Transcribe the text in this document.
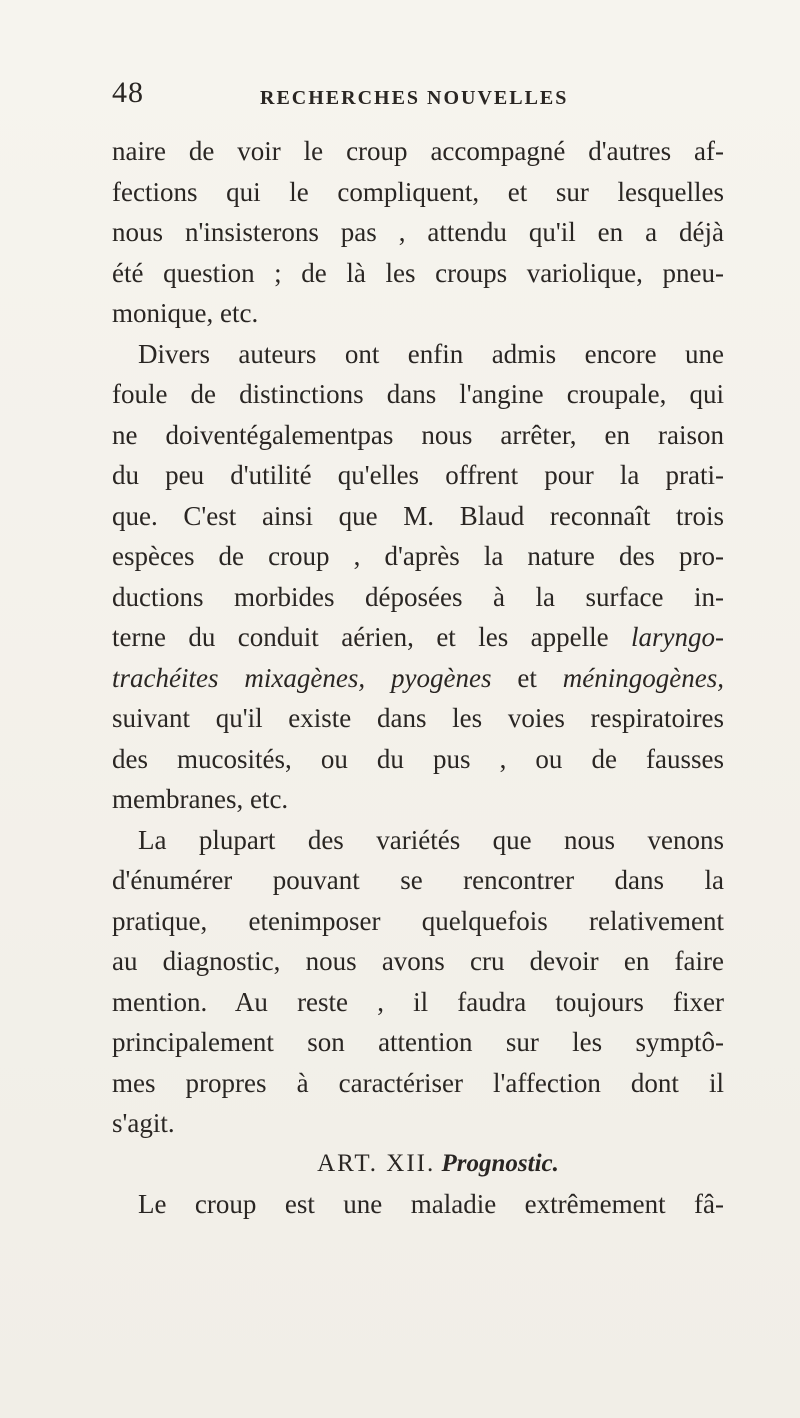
48	RECHERCHES NOUVELLES
naire de voir le croup accompagné d'autres af-
fections qui le compliquent, et sur lesquelles
nous n'insisterons pas , attendu qu'il en a déjà
été question ; de là les croups variolique, pneu-
monique, etc.
Divers auteurs ont enfin admis encore une
foule de distinctions dans l'angine croupale, qui
ne doiventégalementpas nous arrêter, en raison
du peu d'utilité qu'elles offrent pour la prati-
que. C'est ainsi que M. Blaud reconnaît trois
espèces de croup , d'après la nature des pro-
ductions morbides déposées à la surface in-
terne du conduit aérien, et les appelle laryngo-
trachéites mixagènes, pyogènes et méningogènes,
suivant qu'il existe dans les voies respiratoires
des mucosités, ou du pus , ou de fausses
membranes, etc.
La plupart des variétés que nous venons
d'énumérer pouvant se rencontrer dans la
pratique, etenimposer quelquefois relativement
au diagnostic, nous avons cru devoir en faire
mention. Au reste , il faudra toujours fixer
principalement son attention sur les symptô-
mes propres à caractériser l'affection dont il
s'agit.
ART. XII. Prognostic.
Le croup est une maladie extrêmement fâ-
